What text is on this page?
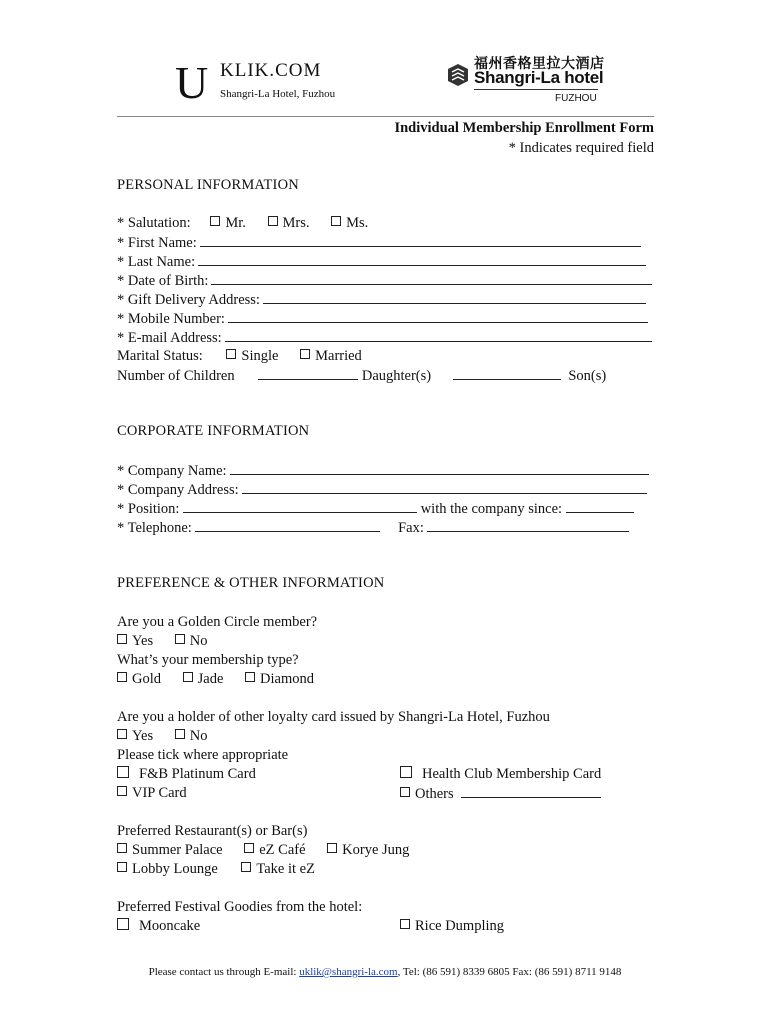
U KLIK.COM
Shangri-La Hotel, Fuzhou
福州香格里拉大酒店
Shangri-La hotel
FUZHOU
Individual Membership Enrollment Form
* Indicates required field
PERSONAL INFORMATION
* Salutation: Mr.	Mrs.	Ms.
* First Name:
* Last Name:
* Date of Birth:
* Gift Delivery Address:
* Mobile Number:
* E-mail Address:
Marital Status:	Single	Married
Number of Children	Daughter(s)	Son(s)
CORPORATE INFORMATION
* Company Name:
* Company Address:
* Position:	with the company since:
* Telephone:	Fax:
PREFERENCE & OTHER INFORMATION
Are you a Golden Circle member?
Yes	No
What’s your membership type?
Gold	Jade	Diamond
Are you a holder of other loyalty card issued by Shangri-La Hotel, Fuzhou
Yes	No
Please tick where appropriate
F&B Platinum Card	Health Club Membership Card
VIP Card	Others
Preferred Restaurant(s) or Bar(s)
Summer Palace	eZ Café	Korye Jung
Lobby Lounge	Take it eZ
Preferred Festival Goodies from the hotel:
Mooncake	Rice Dumpling
Please contact us through E-mail: uklik@shangri-la.com, Tel: (86 591) 8339 6805 Fax: (86 591) 8711 9148
